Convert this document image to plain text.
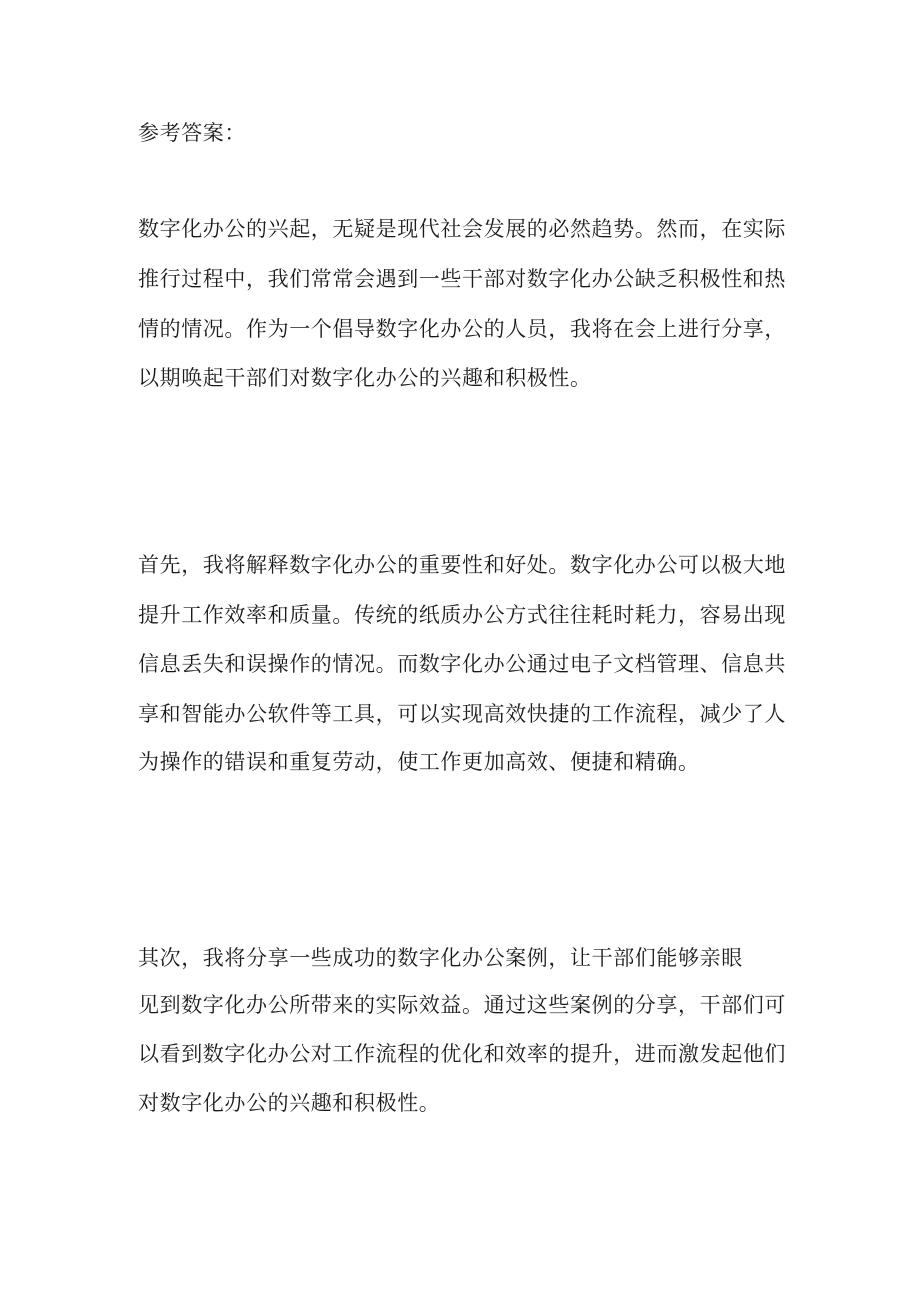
参考答案：
数字化办公的兴起，无疑是现代社会发展的必然趋势。然而，在实际
推行过程中，我们常常会遇到一些干部对数字化办公缺乏积极性和热
情的情况。作为一个倡导数字化办公的人员，我将在会上进行分享，
以期唤起干部们对数字化办公的兴趣和积极性。
首先，我将解释数字化办公的重要性和好处。数字化办公可以极大地
提升工作效率和质量。传统的纸质办公方式往往耗时耗力，容易出现
信息丢失和误操作的情况。而数字化办公通过电子文档管理、信息共
享和智能办公软件等工具，可以实现高效快捷的工作流程，减少了人
为操作的错误和重复劳动，使工作更加高效、便捷和精确。
其次，我将分享一些成功的数字化办公案例，让干部们能够亲眼
见到数字化办公所带来的实际效益。通过这些案例的分享，干部们可
以看到数字化办公对工作流程的优化和效率的提升，进而激发起他们
对数字化办公的兴趣和积极性。
